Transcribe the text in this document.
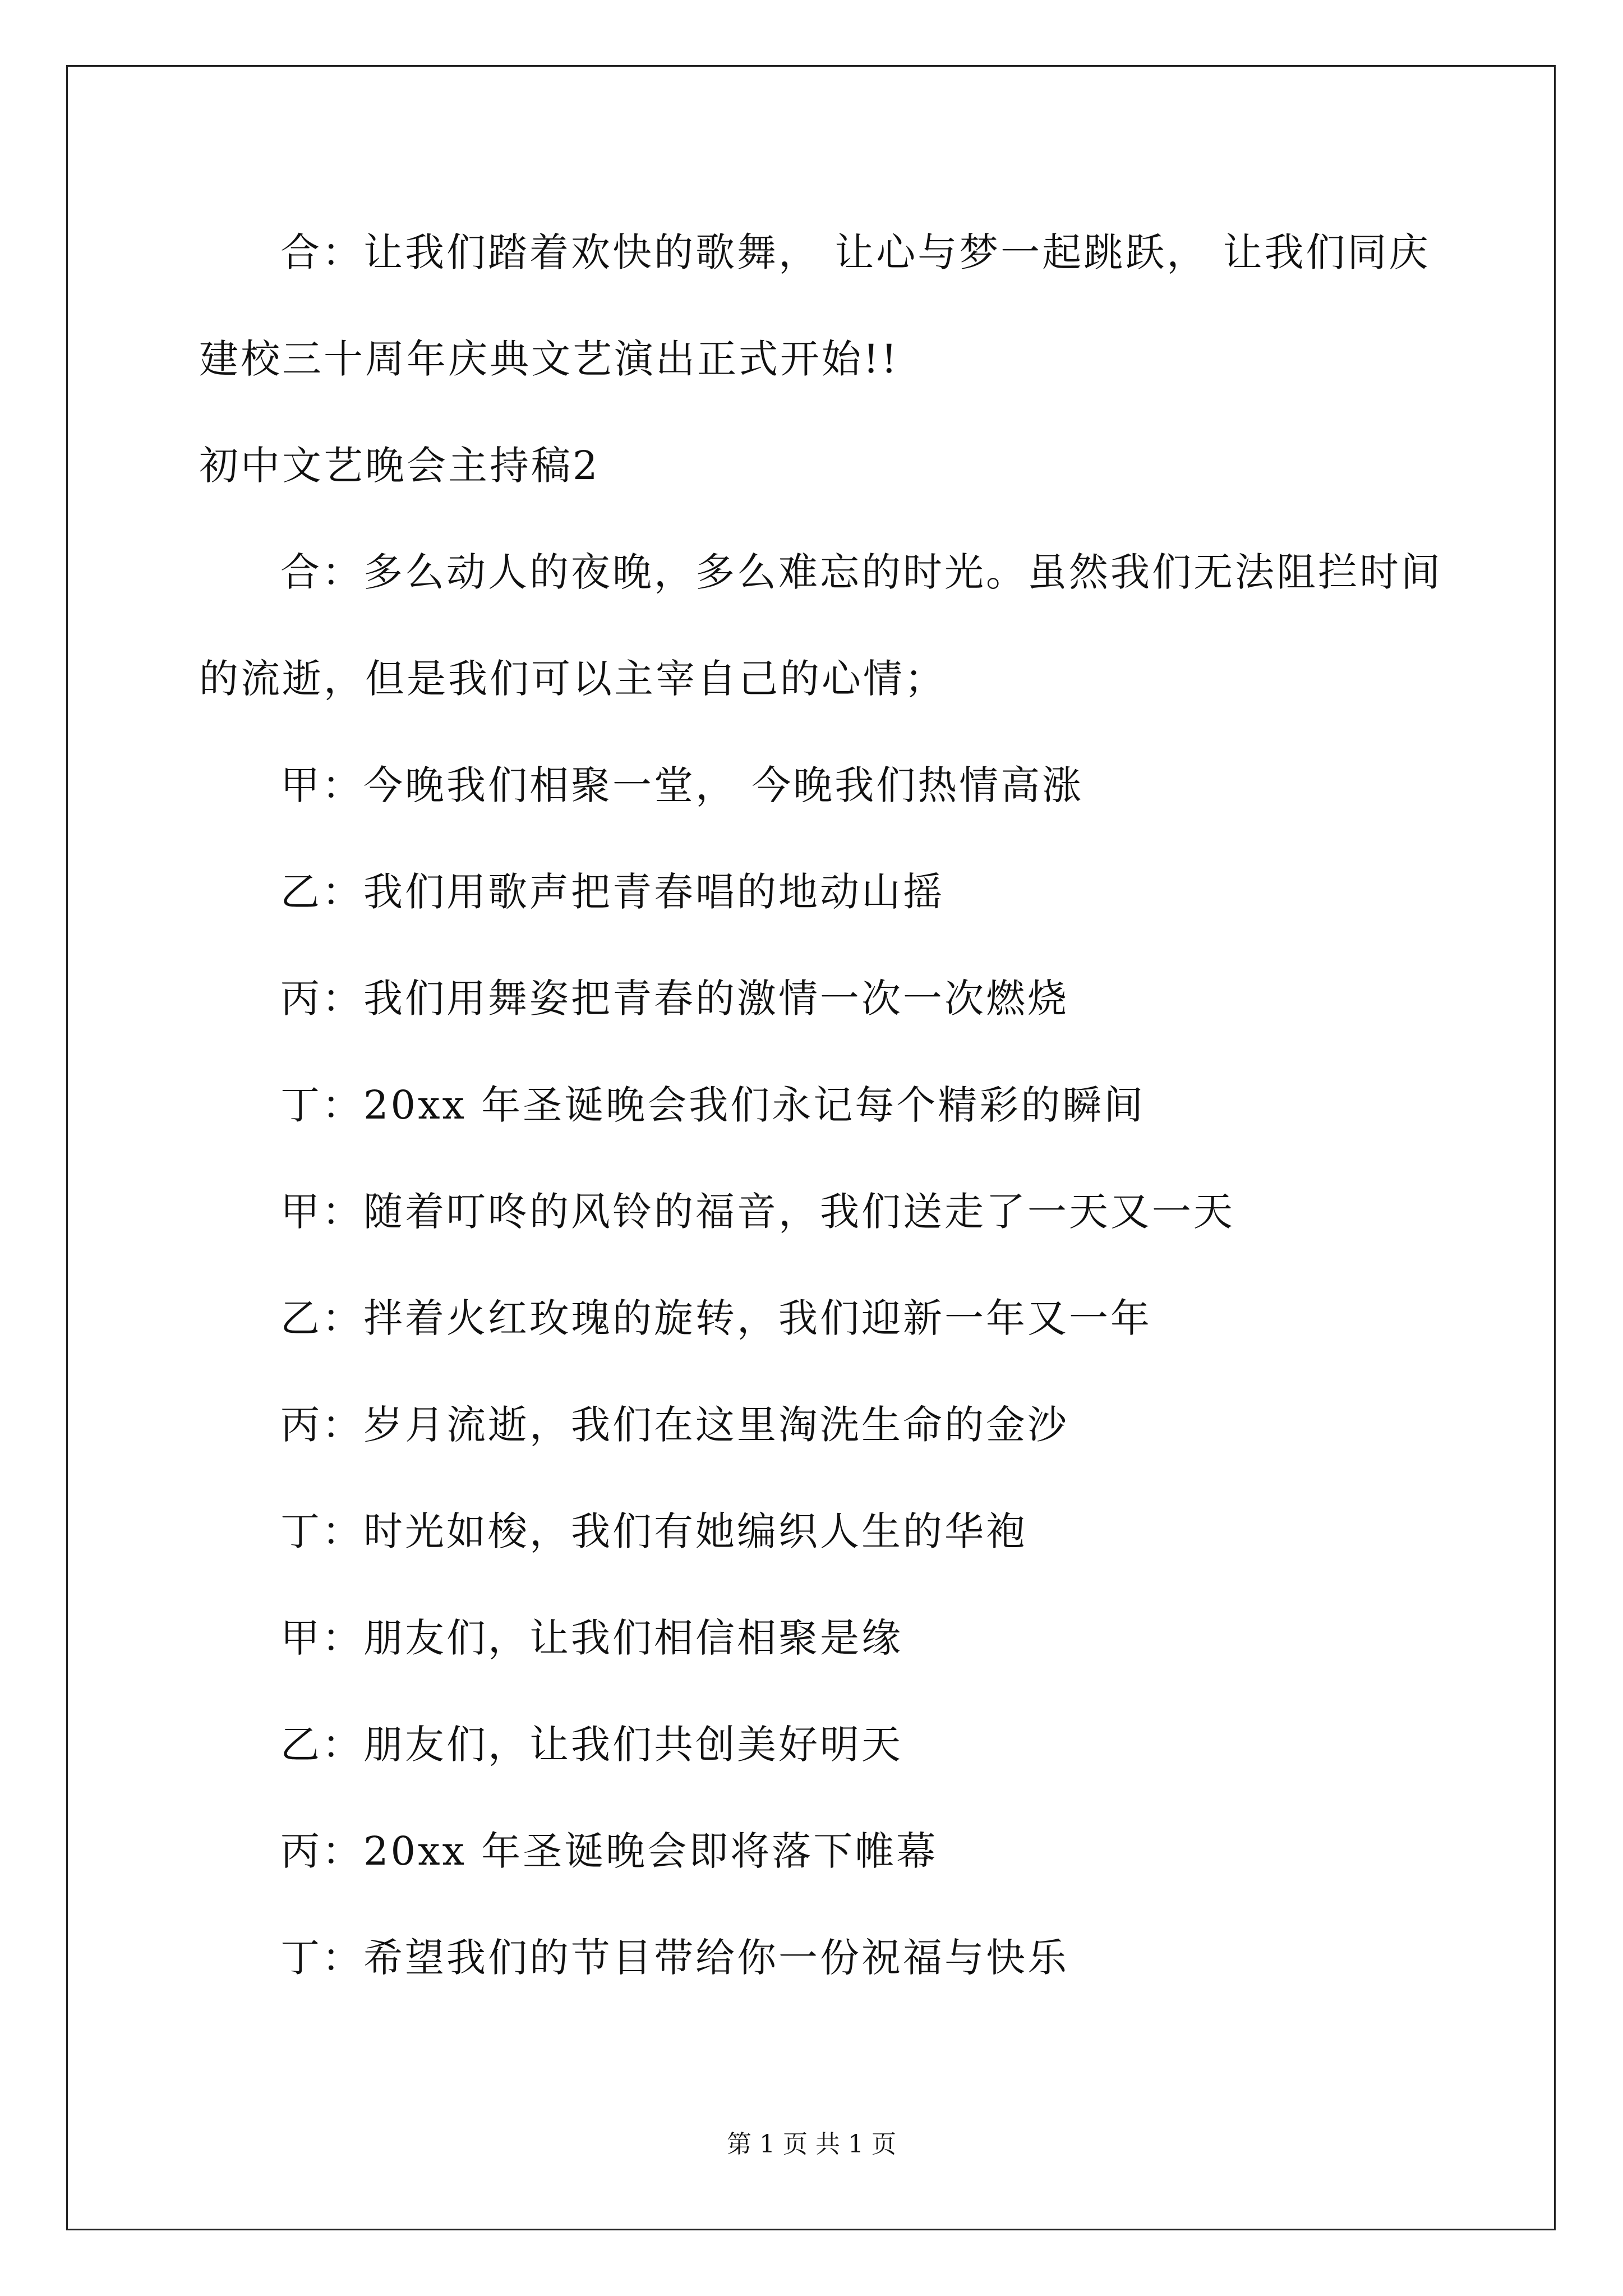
合：让我们踏着欢快的歌舞， 让心与梦一起跳跃， 让我们同庆
建校三十周年庆典文艺演出正式开始!!
初中文艺晚会主持稿2
合：多么动人的夜晚，多么难忘的时光。虽然我们无法阻拦时间
的流逝，但是我们可以主宰自己的心情；
甲：今晚我们相聚一堂， 今晚我们热情高涨
乙：我们用歌声把青春唱的地动山摇
丙：我们用舞姿把青春的激情一次一次燃烧
丁：20xx 年圣诞晚会我们永记每个精彩的瞬间
甲：随着叮咚的风铃的福音，我们送走了一天又一天
乙：拌着火红玫瑰的旋转，我们迎新一年又一年
丙：岁月流逝，我们在这里淘洗生命的金沙
丁：时光如梭，我们有她编织人生的华袍
甲：朋友们，让我们相信相聚是缘
乙：朋友们，让我们共创美好明天
丙：20xx 年圣诞晚会即将落下帷幕
丁：希望我们的节目带给你一份祝福与快乐
第 1 页 共 1 页
